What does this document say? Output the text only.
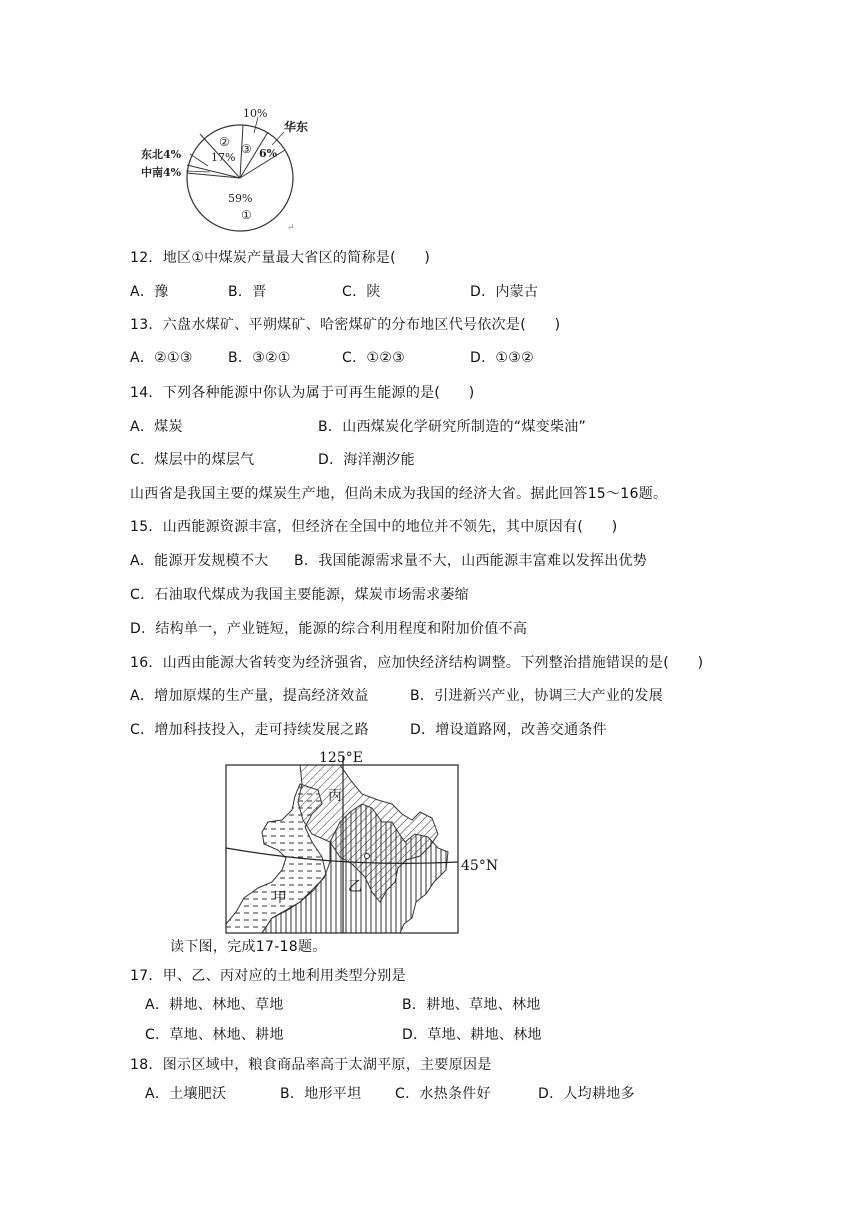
10%
华东
6%
②
17%
③
东北4%
中南4%
59%
①
↵
12．地区①中煤炭产量最大省区的简称是(　　)
A．豫	B．晋	C．陕	D．内蒙古
13．六盘水煤矿、平朔煤矿、哈密煤矿的分布地区代号依次是(　　)
A．②①③	B．③②①	C．①②③	D．①③②
14．下列各种能源中你认为属于可再生能源的是(　　)
A．煤炭	B．山西煤炭化学研究所制造的“煤变柴油”
C．煤层中的煤层气	D．海洋潮汐能
山西省是我国主要的煤炭生产地，但尚未成为我国的经济大省。据此回答15～16题。
15．山西能源资源丰富，但经济在全国中的地位并不领先，其中原因有(　　)
A．能源开发规模不大 B．我国能源需求量不大，山西能源丰富难以发挥出优势
C．石油取代煤成为我国主要能源，煤炭市场需求萎缩
D．结构单一，产业链短，能源的综合利用程度和附加价值不高
16．山西由能源大省转变为经济强省，应加快经济结构调整。下列整治措施错误的是(　　)
A．增加原煤的生产量，提高经济效益	B．引进新兴产业，协调三大产业的发展
C．增加科技投入，走可持续发展之路	D．增设道路网，改善交通条件
125°E
45°N
丙
甲
乙
读下图，完成17-18题。
17．甲、乙、丙对应的土地利用类型分别是
A．耕地、林地、草地	B．耕地、草地、林地
C．草地、林地、耕地	D．草地、耕地、林地
18．图示区域中，粮食商品率高于太湖平原，主要原因是
A．土壤肥沃	B．地形平坦 C．水热条件好	D．人均耕地多
